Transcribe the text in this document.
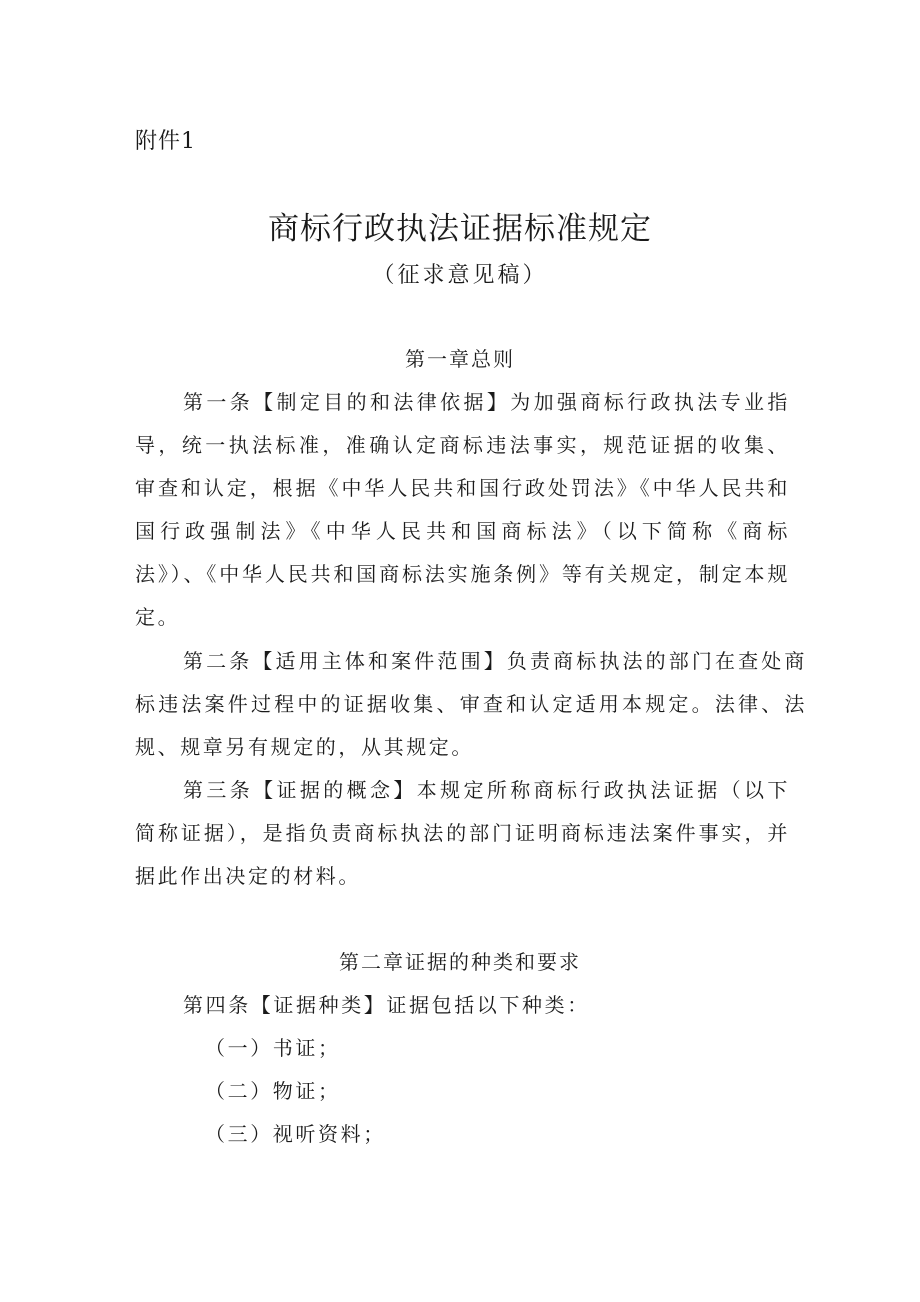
附件1
商标行政执法证据标准规定
（征求意见稿）
第一章总则

第一条【制定目的和法律依据】为加强商标行政执法专业指导，统一执法标准，准确认定商标违法事实，规范证据的收集、审查和认定，根据《中华人民共和国行政处罚法》《中华人民共和国行政强制法》《中华人民共和国商标法》（以下简称《商标法》）、《中华人民共和国商标法实施条例》等有关规定，制定本规定。

第二条【适用主体和案件范围】负责商标执法的部门在查处商标违法案件过程中的证据收集、审查和认定适用本规定。法律、法规、规章另有规定的，从其规定。

第三条【证据的概念】本规定所称商标行政执法证据（以下简称证据），是指负责商标执法的部门证明商标违法案件事实，并据此作出决定的材料。

第二章证据的种类和要求

第四条【证据种类】证据包括以下种类：

（一）书证；
（二）物证；
（三）视听资料；
